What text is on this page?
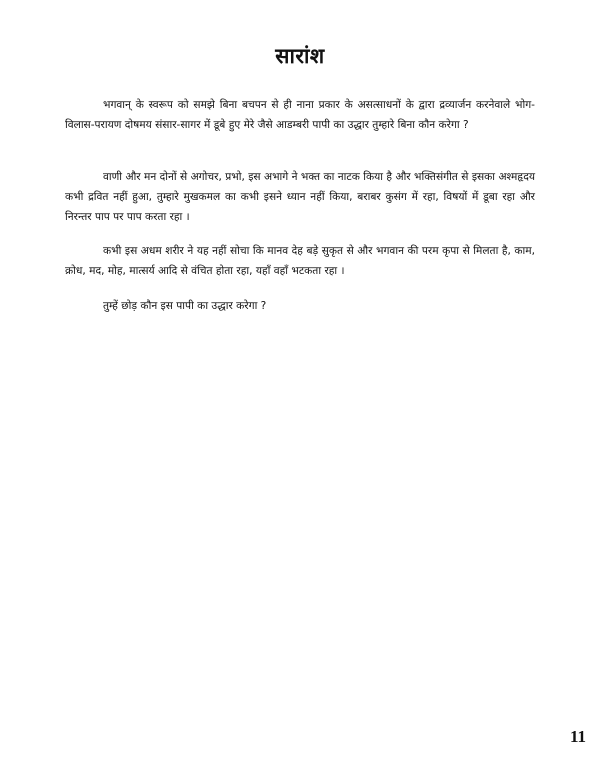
सारांश
भगवान् के स्वरूप को समझे बिना बचपन से ही नाना प्रकार के असत्साधनों के द्वारा द्रव्यार्जन करनेवाले भोग-विलास-परायण दोषमय संसार-सागर में डूबे हुए मेरे जैसे आडम्बरी पापी का उद्धार तुम्हारे बिना कौन करेगा ?
वाणी और मन दोनों से अगोचर, प्रभो, इस अभागे ने भक्त का नाटक किया है और भक्तिसंगीत से इसका अश्महृदय कभी द्रवित नहीं हुआ, तुम्हारे मुखकमल का कभी इसने ध्यान नहीं किया, बराबर कुसंग में रहा, विषयों में डूबा रहा और निरन्तर पाप पर पाप करता रहा ।
कभी इस अधम शरीर ने यह नहीं सोचा कि मानव देह बड़े सुकृत से और भगवान की परम कृपा से मिलता है, काम, क्रोध, मद, मोह, मात्सर्य आदि से वंचित होता रहा, यहाँ वहाँ भटकता रहा ।
तुम्हें छोड़ कौन इस पापी का उद्धार करेगा ?
11
